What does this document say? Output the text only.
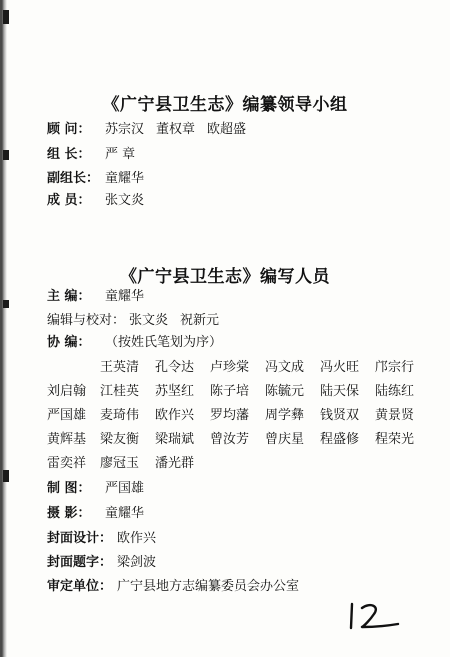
《广宁县卫生志》编纂领导小组
顾 问： 苏宗汉 董权章 欧超盛
组 长： 严 章
副组长： 童耀华
成 员： 张文炎
《广宁县卫生志》编写人员
主 编： 童耀华
编辑与校对： 张文炎 祝新元
协 编： （按姓氏笔划为序）
王英清 孔令达 卢珍棠 冯文成 冯火旺 邝宗行
刘启翰 江桂英 苏坚红 陈子培 陈毓元 陆天保 陆练红
严国雄 麦琦伟 欧作兴 罗均藩 周学彝 钱贤双 黄景贤
黄辉基 梁友衡 梁瑞斌 曾汝芳 曾庆星 程盛修 程荣光
雷奕祥 廖冠玉 潘光群
制 图： 严国雄
摄 影： 童耀华
封面设计： 欧作兴
封面题字： 梁剑波
审定单位： 广宁县地方志编纂委员会办公室
